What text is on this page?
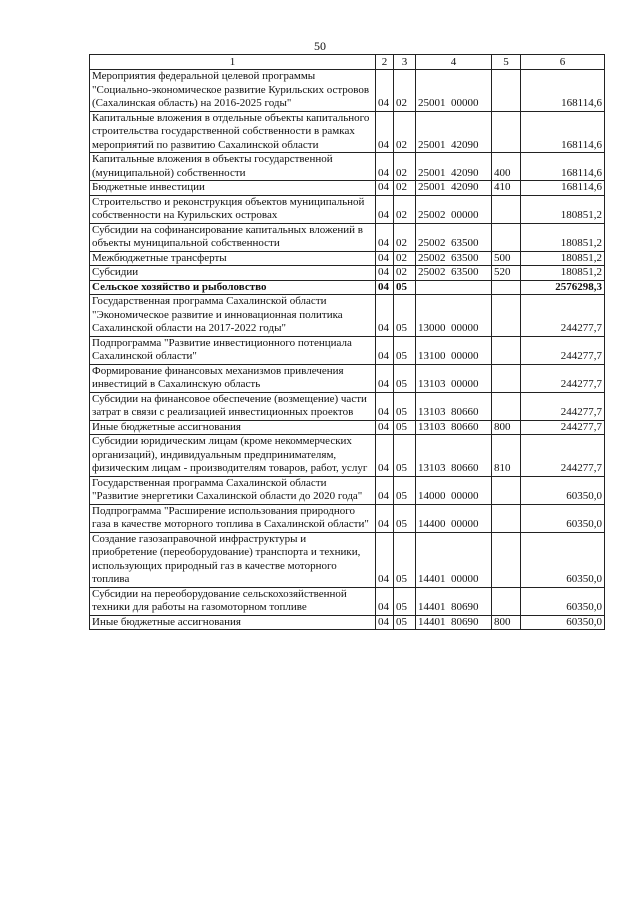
50
1	2	3	4	5	6
Мероприятия федеральной целевой программы "Социально-экономическое развитие Курильских островов (Сахалинская область) на 2016-2025 годы"	04	02	25001  00000		168114,6
Капитальные вложения в отдельные объекты капитального строительства государственной собственности в рамках мероприятий по развитию Сахалинской области	04	02	25001  42090		168114,6
Капитальные вложения в объекты государственной (муниципальной) собственности	04	02	25001  42090	400	168114,6
Бюджетные инвестиции	04	02	25001  42090	410	168114,6
Строительство и реконструкция объектов муниципальной собственности на Курильских островах	04	02	25002  00000		180851,2
Субсидии на софинансирование капитальных вложений в объекты муниципальной собственности	04	02	25002  63500		180851,2
Межбюджетные трансферты	04	02	25002  63500	500	180851,2
Субсидии	04	02	25002  63500	520	180851,2
Сельское хозяйство и рыболовство	04	05			2576298,3
Государственная программа Сахалинской области "Экономическое развитие и инновационная политика Сахалинской области на 2017-2022 годы"	04	05	13000  00000		244277,7
Подпрограмма "Развитие инвестиционного потенциала Сахалинской области"	04	05	13100  00000		244277,7
Формирование финансовых механизмов привлечения инвестиций в Сахалинскую область	04	05	13103  00000		244277,7
Субсидии на финансовое обеспечение (возмещение) части затрат в связи с реализацией инвестиционных проектов	04	05	13103  80660		244277,7
Иные бюджетные ассигнования	04	05	13103  80660	800	244277,7
Субсидии юридическим лицам (кроме некоммерческих организаций), индивидуальным предпринимателям, физическим лицам - производителям товаров, работ, услуг	04	05	13103  80660	810	244277,7
Государственная программа Сахалинской области "Развитие энергетики Сахалинской области до 2020 года"	04	05	14000  00000		60350,0
Подпрограмма "Расширение использования природного газа в качестве моторного топлива в Сахалинской области"	04	05	14400  00000		60350,0
Создание газозаправочной инфраструктуры и приобретение (переоборудование) транспорта и техники, использующих природный газ в качестве моторного топлива	04	05	14401  00000		60350,0
Субсидии на переоборудование сельскохозяйственной техники для работы на газомоторном топливе	04	05	14401  80690		60350,0
Иные бюджетные ассигнования	04	05	14401  80690	800	60350,0
